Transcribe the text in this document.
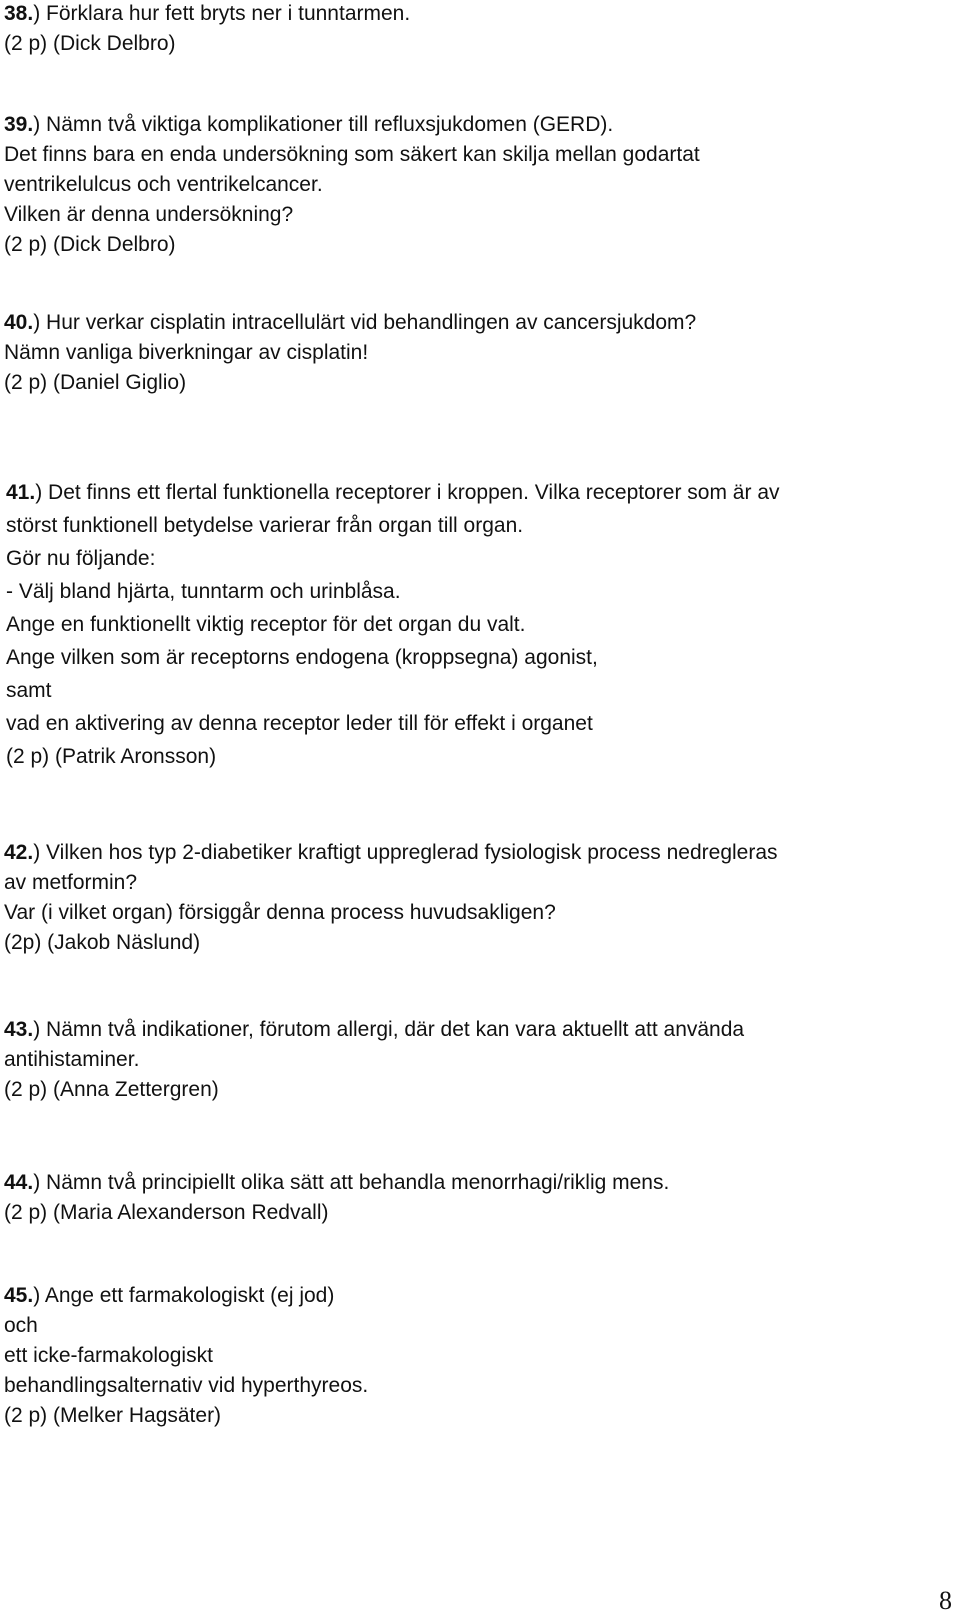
38.) Förklara hur fett bryts ner i tunntarmen.
(2 p) (Dick Delbro)
39.) Nämn två viktiga komplikationer till refluxsjukdomen (GERD).
Det finns bara en enda undersökning som säkert kan skilja mellan godartat
ventrikelulcus och ventrikelcancer.
Vilken är denna undersökning?
(2 p) (Dick Delbro)
40.) Hur verkar cisplatin intracellulärt vid behandlingen av cancersjukdom?
Nämn vanliga biverkningar av cisplatin!
(2 p) (Daniel Giglio)
41.) Det finns ett flertal funktionella receptorer i kroppen. Vilka receptorer som är av
störst funktionell betydelse varierar från organ till organ.
Gör nu följande:
- Välj bland hjärta, tunntarm och urinblåsa.
Ange en funktionellt viktig receptor för det organ du valt.
Ange vilken som är receptorns endogena (kroppsegna) agonist,
samt
vad en aktivering av denna receptor leder till för effekt i organet
(2 p) (Patrik Aronsson)
42.) Vilken hos typ 2-diabetiker kraftigt uppreglerad fysiologisk process nedregleras
av metformin?
Var (i vilket organ) försiggår denna process huvudsakligen?
(2p) (Jakob Näslund)
43.) Nämn två indikationer, förutom allergi, där det kan vara aktuellt att använda
antihistaminer.
(2 p) (Anna Zettergren)
44.) Nämn två principiellt olika sätt att behandla menorrhagi/riklig mens.
(2 p) (Maria Alexanderson Redvall)
45.) Ange ett farmakologiskt (ej jod)
och
ett icke-farmakologiskt
behandlingsalternativ vid hyperthyreos.
(2 p) (Melker Hagsäter)
8
